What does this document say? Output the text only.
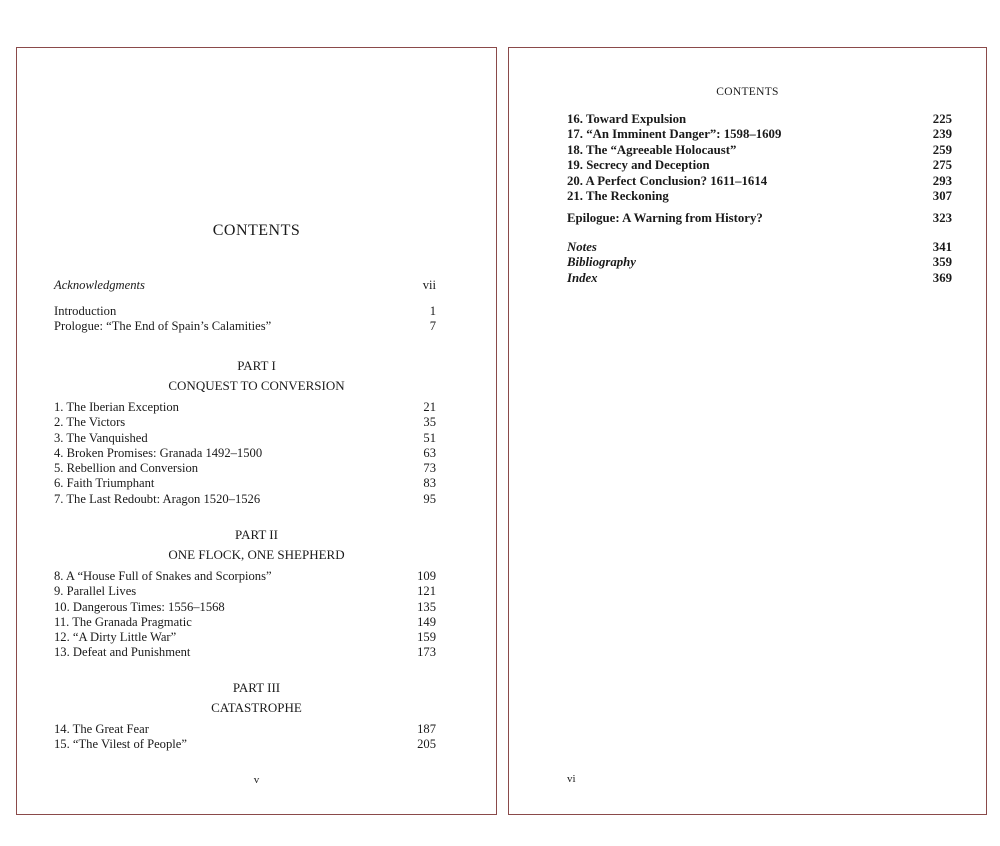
CONTENTS
Acknowledgments	vii
Introduction	1
Prologue: “The End of Spain’s Calamities”	7
PART I
CONQUEST TO CONVERSION
1. The Iberian Exception	21
2. The Victors	35
3. The Vanquished	51
4. Broken Promises: Granada 1492–1500	63
5. Rebellion and Conversion	73
6. Faith Triumphant	83
7. The Last Redoubt: Aragon 1520–1526	95
PART II
ONE FLOCK, ONE SHEPHERD
8. A “House Full of Snakes and Scorpions”	109
9. Parallel Lives	121
10. Dangerous Times: 1556–1568	135
11. The Granada Pragmatic	149
12. “A Dirty Little War”	159
13. Defeat and Punishment	173
PART III
CATASTROPHE
14. The Great Fear	187
15. “The Vilest of People”	205
v
CONTENTS
16. Toward Expulsion	225
17. “An Imminent Danger”: 1598–1609	239
18. The “Agreeable Holocaust”	259
19. Secrecy and Deception	275
20. A Perfect Conclusion? 1611–1614	293
21. The Reckoning	307
Epilogue: A Warning from History?	323
Notes	341
Bibliography	359
Index	369
vi
